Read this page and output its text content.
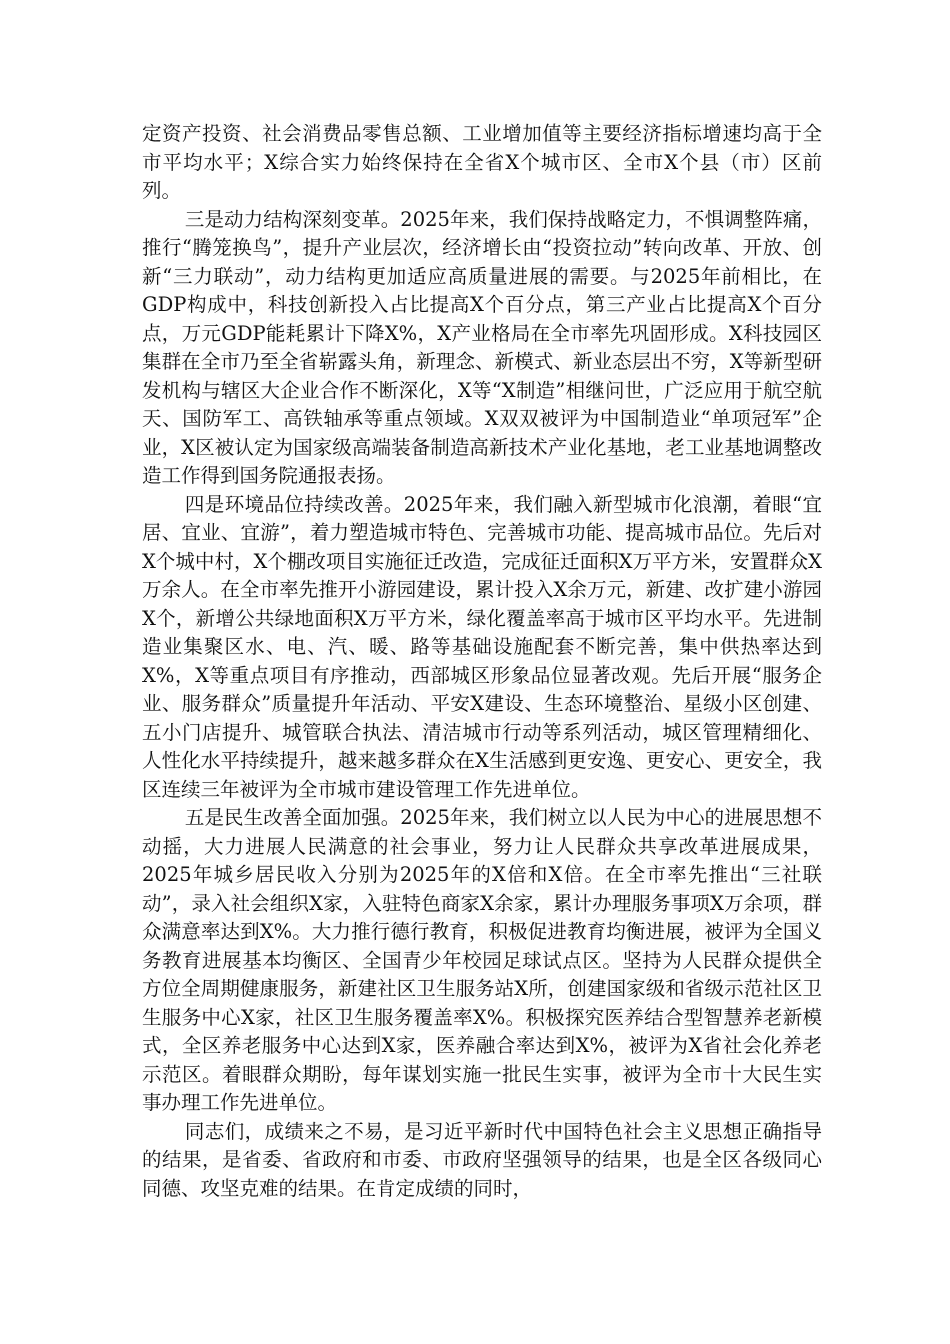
定资产投资、社会消费品零售总额、工业增加值等主要经济指标增速均高于全市平均水平；X综合实力始终保持在全省X个城市区、全市X个县（市）区前列。

三是动力结构深刻变革。2025年来，我们保持战略定力，不惧调整阵痛，推行“腾笼换鸟”，提升产业层次，经济增长由“投资拉动”转向改革、开放、创新“三力联动”，动力结构更加适应高质量进展的需要。与2025年前相比，在GDP构成中，科技创新投入占比提高X个百分点，第三产业占比提高X个百分点，万元GDP能耗累计下降X%，X产业格局在全市率先巩固形成。X科技园区集群在全市乃至全省崭露头角，新理念、新模式、新业态层出不穷，X等新型研发机构与辖区大企业合作不断深化，X等“X制造”相继问世，广泛应用于航空航天、国防军工、高铁轴承等重点领域。X双双被评为中国制造业“单项冠军”企业，X区被认定为国家级高端装备制造高新技术产业化基地，老工业基地调整改造工作得到国务院通报表扬。

四是环境品位持续改善。2025年来，我们融入新型城市化浪潮，着眼“宜居、宜业、宜游”，着力塑造城市特色、完善城市功能、提高城市品位。先后对X个城中村，X个棚改项目实施征迁改造，完成征迁面积X万平方米，安置群众X万余人。在全市率先推开小游园建设，累计投入X余万元，新建、改扩建小游园X个，新增公共绿地面积X万平方米，绿化覆盖率高于城市区平均水平。先进制造业集聚区水、电、汽、暖、路等基础设施配套不断完善，集中供热率达到X%，X等重点项目有序推动，西部城区形象品位显著改观。先后开展“服务企业、服务群众”质量提升年活动、平安X建设、生态环境整治、星级小区创建、五小门店提升、城管联合执法、清洁城市行动等系列活动，城区管理精细化、人性化水平持续提升，越来越多群众在X生活感到更安逸、更安心、更安全，我区连续三年被评为全市城市建设管理工作先进单位。

五是民生改善全面加强。2025年来，我们树立以人民为中心的进展思想不动摇，大力进展人民满意的社会事业，努力让人民群众共享改革进展成果，2025年城乡居民收入分别为2025年的X倍和X倍。在全市率先推出“三社联动”，录入社会组织X家，入驻特色商家X余家，累计办理服务事项X万余项，群众满意率达到X%。大力推行德行教育，积极促进教育均衡进展，被评为全国义务教育进展基本均衡区、全国青少年校园足球试点区。坚持为人民群众提供全方位全周期健康服务，新建社区卫生服务站X所，创建国家级和省级示范社区卫生服务中心X家，社区卫生服务覆盖率X%。积极探究医养结合型智慧养老新模式，全区养老服务中心达到X家，医养融合率达到X%，被评为X省社会化养老示范区。着眼群众期盼，每年谋划实施一批民生实事，被评为全市十大民生实事办理工作先进单位。

同志们，成绩来之不易，是习近平新时代中国特色社会主义思想正确指导的结果，是省委、省政府和市委、市政府坚强领导的结果，也是全区各级同心同德、攻坚克难的结果。在肯定成绩的同时，
